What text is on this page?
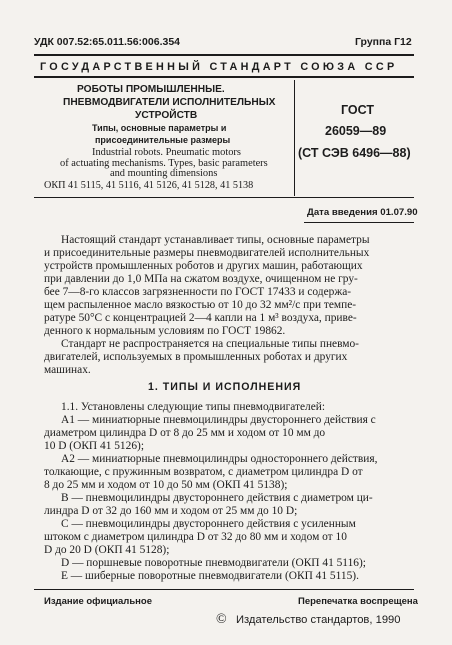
УДК 007.52:65.011.56:006.354	Группа Г12
ГОСУДАРСТВЕННЫЙ СТАНДАРТ СОЮЗА ССР
РОБОТЫ ПРОМЫШЛЕННЫЕ.
ПНЕВМОДВИГАТЕЛИ ИСПОЛНИТЕЛЬНЫХ
УСТРОЙСТВ
Типы, основные параметры и
присоединительные размеры
Industrial robots. Pneumatic motors
of actuating mechanisms. Types, basic parameters
and mounting dimensions
ОКП 41 5115, 41 5116, 41 5126, 41 5128, 41 5138
ГОСТ
26059—89
(СТ СЭВ 6496—88)
Дата введения 01.07.90
Настоящий стандарт устанавливает типы, основные параметры
и присоединительные размеры пневмодвигателей исполнительных
устройств промышленных роботов и других машин, работающих
при давлении до 1,0 МПа на сжатом воздухе, очищенном не гру-
бее 7—8-го классов загрязненности по ГОСТ 17433 и содержа-
щем распыленное масло вязкостью от 10 до 32 мм²/с при темпе-
ратуре 50°С с концентрацией 2—4 капли на 1 м³ воздуха, приве-
денного к нормальным условиям по ГОСТ 19862.
Стандарт не распространяется на специальные типы пневмо-
двигателей, используемых в промышленных роботах и других
машинах.
1. ТИПЫ И ИСПОЛНЕНИЯ
1.1. Установлены следующие типы пневмодвигателей:
A1 — миниатюрные пневмоцилиндры двустороннего действия с
диаметром цилиндра D от 8 до 25 мм и ходом от 10 мм до
10 D (ОКП 41 5126);
A2 — миниатюрные пневмоцилиндры одностороннего действия,
толкающие, с пружинным возвратом, с диаметром цилиндра D от
8 до 25 мм и ходом от 10 до 50 мм (ОКП 41 5138);
B — пневмоцилиндры двустороннего действия с диаметром ци-
линдра D от 32 до 160 мм и ходом от 25 мм до 10 D;
C — пневмоцилиндры двустороннего действия с усиленным
штоком с диаметром цилиндра D от 32 до 80 мм и ходом от 10
D до 20 D (ОКП 41 5128);
D — поршневые поворотные пневмодвигатели (ОКП 41 5116);
E — шиберные поворотные пневмодвигатели (ОКП 41 5115).
Издание официальное	Перепечатка воспрещена
© Издательство стандартов, 1990
